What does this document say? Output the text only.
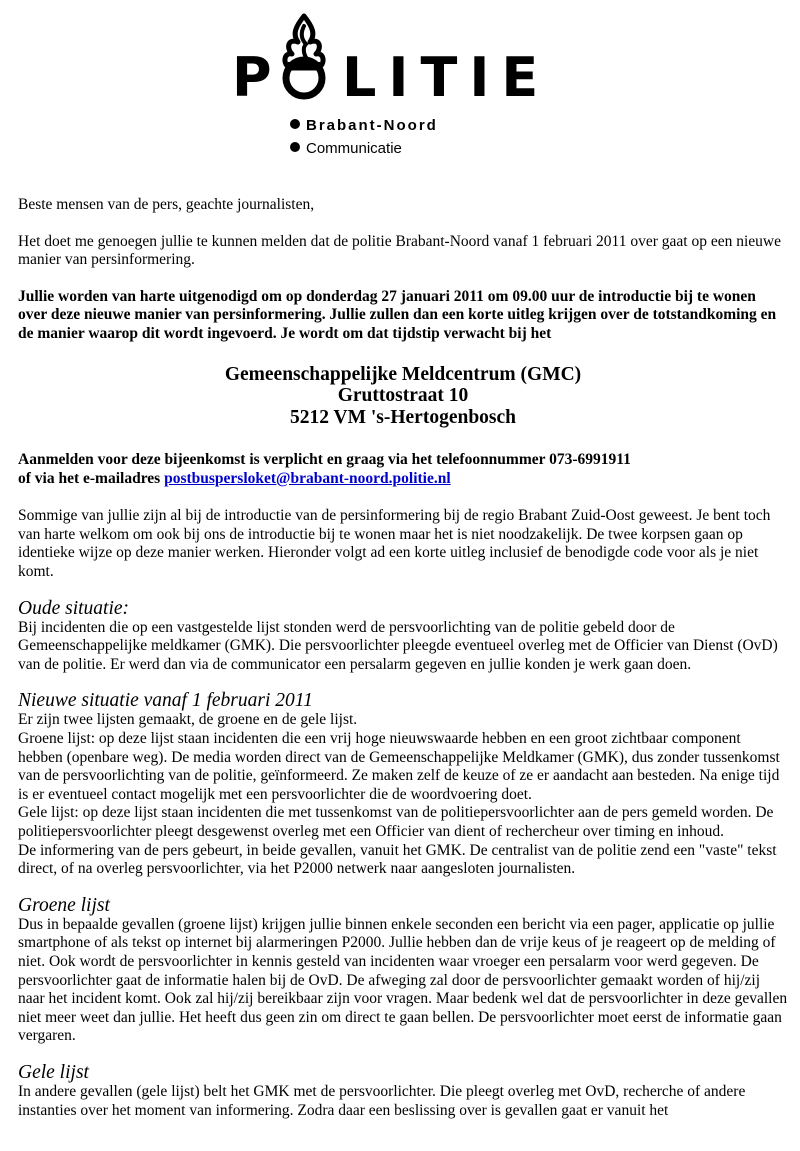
P LITIE
Brabant-Noord
Communicatie

Beste mensen van de pers, geachte journalisten,

Het doet me genoegen jullie te kunnen melden dat de politie Brabant-Noord vanaf 1 februari 2011 over gaat op een nieuwe manier van persinformering.

Jullie worden van harte uitgenodigd om op donderdag 27 januari 2011 om 09.00 uur de introductie bij te wonen over deze nieuwe manier van persinformering. Jullie zullen dan een korte uitleg krijgen over de totstandkoming en de manier waarop dit wordt ingevoerd. Je wordt om dat tijdstip verwacht bij het

Gemeenschappelijke Meldcentrum (GMC)
Gruttostraat 10
5212 VM 's-Hertogenbosch

Aanmelden voor deze bijeenkomst is verplicht en graag via het telefoonnummer 073-6991911
of via het e-mailadres postbuspersloket@brabant-noord.politie.nl

Sommige van jullie zijn al bij de introductie van de persinformering bij de regio Brabant Zuid-Oost geweest. Je bent toch van harte welkom om ook bij ons de introductie bij te wonen maar het is niet noodzakelijk. De twee korpsen gaan op identieke wijze op deze manier werken. Hieronder volgt ad een korte uitleg inclusief de benodigde code voor als je niet komt.

Oude situatie:

Bij incidenten die op een vastgestelde lijst stonden werd de persvoorlichting van de politie gebeld door de Gemeenschappelijke meldkamer (GMK). Die persvoorlichter pleegde eventueel overleg met de Officier van Dienst (OvD) van de politie. Er werd dan via de communicator een persalarm gegeven en jullie konden je werk gaan doen.

Nieuwe situatie vanaf 1 februari 2011

Er zijn twee lijsten gemaakt, de groene en de gele lijst.

Groene lijst: op deze lijst staan incidenten die een vrij hoge nieuwswaarde hebben en een groot zichtbaar component hebben (openbare weg). De media worden direct van de Gemeenschappelijke Meldkamer (GMK), dus zonder tussenkomst van de persvoorlichting van de politie, geïnformeerd. Ze maken zelf de keuze of ze er aandacht aan besteden. Na enige tijd is er eventueel contact mogelijk met een persvoorlichter die de woordvoering doet.

Gele lijst: op deze lijst staan incidenten die met tussenkomst van de politiepersvoorlichter aan de pers gemeld worden. De politiepersvoorlichter pleegt desgewenst overleg met een Officier van dient of rechercheur over timing en inhoud.

De informering van de pers gebeurt, in beide gevallen, vanuit het GMK. De centralist van de politie zend een "vaste" tekst direct, of na overleg persvoorlichter, via het P2000 netwerk naar aangesloten journalisten.

Groene lijst

Dus in bepaalde gevallen (groene lijst) krijgen jullie binnen enkele seconden een bericht via een pager, applicatie op jullie smartphone of als tekst op internet bij alarmeringen P2000. Jullie hebben dan de vrije keus of je reageert op de melding of niet. Ook wordt de persvoorlichter in kennis gesteld van incidenten waar vroeger een persalarm voor werd gegeven. De persvoorlichter gaat de informatie halen bij de OvD. De afweging zal door de persvoorlichter gemaakt worden of hij/zij naar het incident komt. Ook zal hij/zij bereikbaar zijn voor vragen. Maar bedenk wel dat de persvoorlichter in deze gevallen niet meer weet dan jullie. Het heeft dus geen zin om direct te gaan bellen. De persvoorlichter moet eerst de informatie gaan vergaren.

Gele lijst

In andere gevallen (gele lijst) belt het GMK met de persvoorlichter. Die pleegt overleg met OvD, recherche of andere instanties over het moment van informering. Zodra daar een beslissing over is gevallen gaat er vanuit het
